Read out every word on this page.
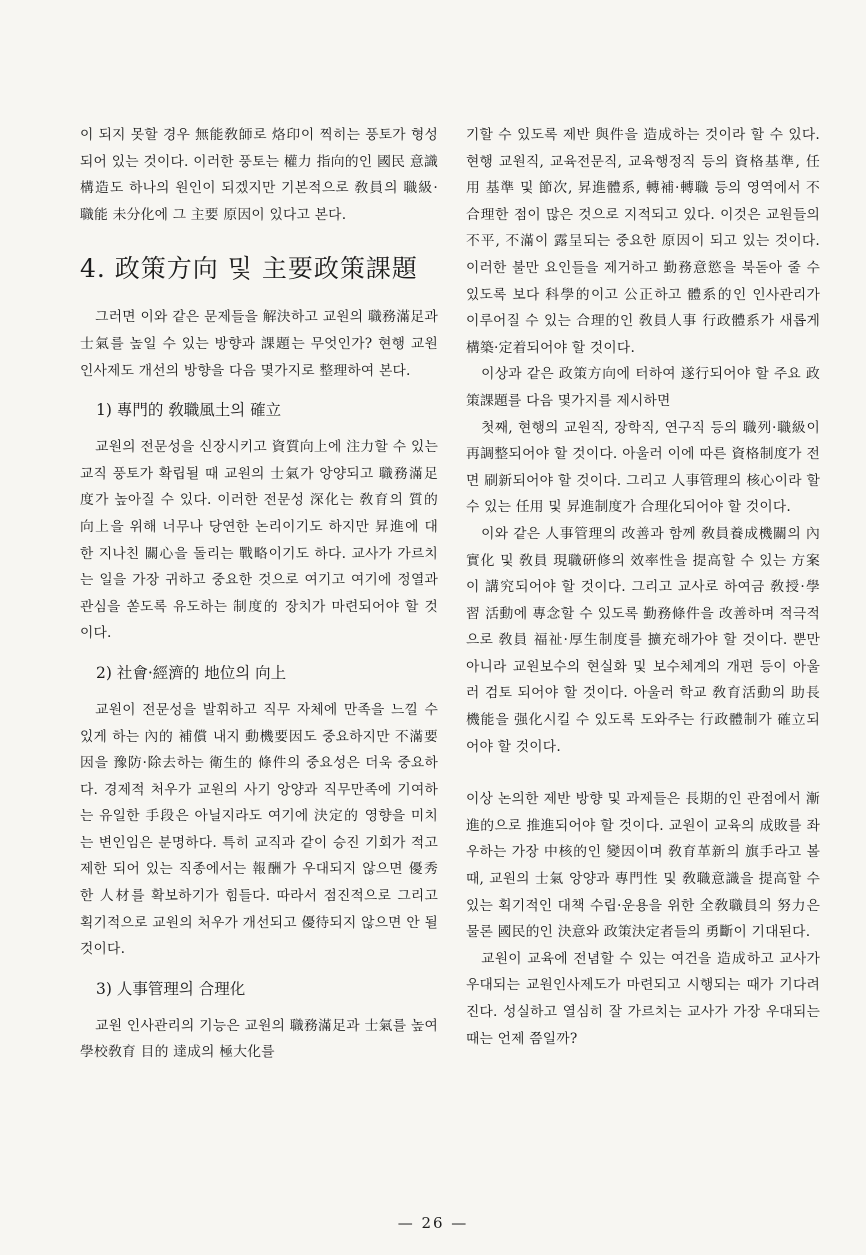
이 되지 못할 경우 無能敎師로 烙印이 찍히는 풍토가 형성되어 있는 것이다. 이러한 풍토는 權力 指向的인 國民 意識構造도 하나의 원인이 되겠지만 기본적으로 敎員의 職級·職能 未分化에 그 主要 原因이 있다고 본다.

4. 政策方向 및 主要政策課題

그러면 이와 같은 문제들을 解決하고 교원의 職務滿足과 士氣를 높일 수 있는 방향과 課題는 무엇인가? 현행 교원 인사제도 개선의 방향을 다음 몇가지로 整理하여 본다.

1) 專門的 敎職風土의 確立

교원의 전문성을 신장시키고 資質向上에 注力할 수 있는 교직 풍토가 확립될 때 교원의 士氣가 앙양되고 職務滿足度가 높아질 수 있다. 이러한 전문성 深化는 敎育의 質的 向上을 위해 너무나 당연한 논리이기도 하지만 昇進에 대한 지나친 關心을 돌리는 戰略이기도 하다. 교사가 가르치는 일을 가장 귀하고 중요한 것으로 여기고 여기에 정열과 관심을 쏟도록 유도하는 制度的 장치가 마련되어야 할 것이다.

2) 社會·經濟的 地位의 向上

교원이 전문성을 발휘하고 직무 자체에 만족을 느낄 수 있게 하는 內的 補償 내지 動機要因도 중요하지만 不滿要因을 豫防·除去하는 衛生的 條件의 중요성은 더욱 중요하다. 경제적 처우가 교원의 사기 앙양과 직무만족에 기여하는 유일한 手段은 아닐지라도 여기에 決定的 영향을 미치는 변인임은 분명하다. 특히 교직과 같이 승진 기회가 적고 제한 되어 있는 직종에서는 報酬가 우대되지 않으면 優秀한 人材를 확보하기가 힘들다. 따라서 점진적으로 그리고 획기적으로 교원의 처우가 개선되고 優待되지 않으면 안 될 것이다.

3) 人事管理의 合理化

교원 인사관리의 기능은 교원의 職務滿足과 士氣를 높여 學校敎育 目的 達成의 極大化를

기할 수 있도록 제반 與件을 造成하는 것이라 할 수 있다. 현행 교원직, 교육전문직, 교육행정직 등의 資格基準, 任用 基準 및 節次, 昇進體系, 轉補·轉職 등의 영역에서 不合理한 점이 많은 것으로 지적되고 있다. 이것은 교원들의 不平, 不滿이 露呈되는 중요한 原因이 되고 있는 것이다. 이러한 불만 요인들을 제거하고 勤務意慾을 북돋아 줄 수 있도록 보다 科學的이고 公正하고 體系的인 인사관리가 이루어질 수 있는 合理的인 敎員人事 行政體系가 새롭게 構築·定着되어야 할 것이다.

이상과 같은 政策方向에 터하여 遂行되어야 할 주요 政策課題를 다음 몇가지를 제시하면

첫째, 현행의 교원직, 장학직, 연구직 등의 職列·職級이 再調整되어야 할 것이다. 아울러 이에 따른 資格制度가 전면 刷新되어야 할 것이다. 그리고 人事管理의 核心이라 할 수 있는 任用 및 昇進制度가 合理化되어야 할 것이다.

이와 같은 人事管理의 改善과 함께 敎員養成機關의 內實化 및 敎員 現職硏修의 效率性을 提高할 수 있는 方案이 講究되어야 할 것이다. 그리고 교사로 하여금 敎授·學習 活動에 專念할 수 있도록 勤務條件을 改善하며 적극적으로 敎員 福祉·厚生制度를 擴充해가야 할 것이다. 뿐만 아니라 교원보수의 현실화 및 보수체계의 개편 등이 아울러 검토 되어야 할 것이다. 아울러 학교 敎育活動의 助長 機能을 强化시킬 수 있도록 도와주는 行政體制가 確立되어야 할 것이다.

이상 논의한 제반 방향 및 과제들은 長期的인 관점에서 漸進的으로 推進되어야 할 것이다. 교원이 교육의 成敗를 좌우하는 가장 中核的인 變因이며 敎育革新의 旗手라고 볼 때, 교원의 士氣 앙양과 專門性 및 敎職意識을 提高할 수 있는 획기적인 대책 수립·운용을 위한 全敎職員의 努力은 물론 國民的인 決意와 政策決定者들의 勇斷이 기대된다.

교원이 교육에 전념할 수 있는 여건을 造成하고 교사가 우대되는 교원인사제도가 마련되고 시행되는 때가 기다려진다. 성실하고 열심히 잘 가르치는 교사가 가장 우대되는 때는 언제 쯤일까?

— 26 —
